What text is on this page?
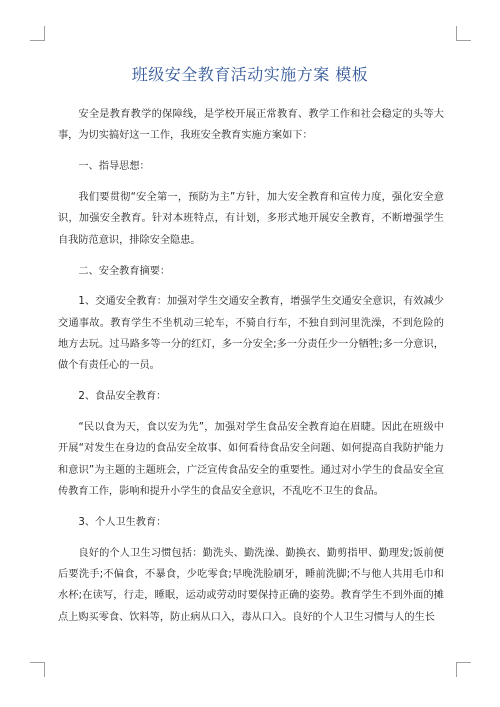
班级安全教育活动实施方案 模板

安全是教育教学的保障线，是学校开展正常教育、教学工作和社会稳定的头等大事，为切实搞好这一工作，我班安全教育实施方案如下：

一、指导思想：

我们要贯彻“安全第一，预防为主”方针，加大安全教育和宣传力度，强化安全意识，加强安全教育。针对本班特点，有计划，多形式地开展安全教育，不断增强学生自我防范意识，排除安全隐患。

二、安全教育摘要：

1、交通安全教育：加强对学生交通安全教育，增强学生交通安全意识，有效减少交通事故。教育学生不坐机动三轮车，不骑自行车，不独自到河里洗澡，不到危险的地方去玩。过马路多等一分的红灯，多一分安全;多一分责任少一分牺牲;多一分意识，做个有责任心的一员。

2、食品安全教育：

“民以食为天，食以安为先”，加强对学生食品安全教育迫在眉睫。因此在班级中开展“对发生在身边的食品安全故事、如何看待食品安全问题、如何提高自我防护能力和意识”为主题的主题班会，广泛宣传食品安全的重要性。通过对小学生的食品安全宣传教育工作，影响和提升小学生的食品安全意识，不乱吃不卫生的食品。

3、个人卫生教育：

良好的个人卫生习惯包括：勤洗头、勤洗澡、勤换衣、勤剪指甲、勤理发;饭前便后要洗手;不偏食，不暴食，少吃零食;早晚洗脸刷牙，睡前洗脚;不与他人共用毛巾和水杯;在读写，行走，睡眠，运动或劳动时要保持正确的姿势。教育学生不到外面的摊点上购买零食、饮料等，防止病从口入，毒从口入。良好的个人卫生习惯与人的生长
